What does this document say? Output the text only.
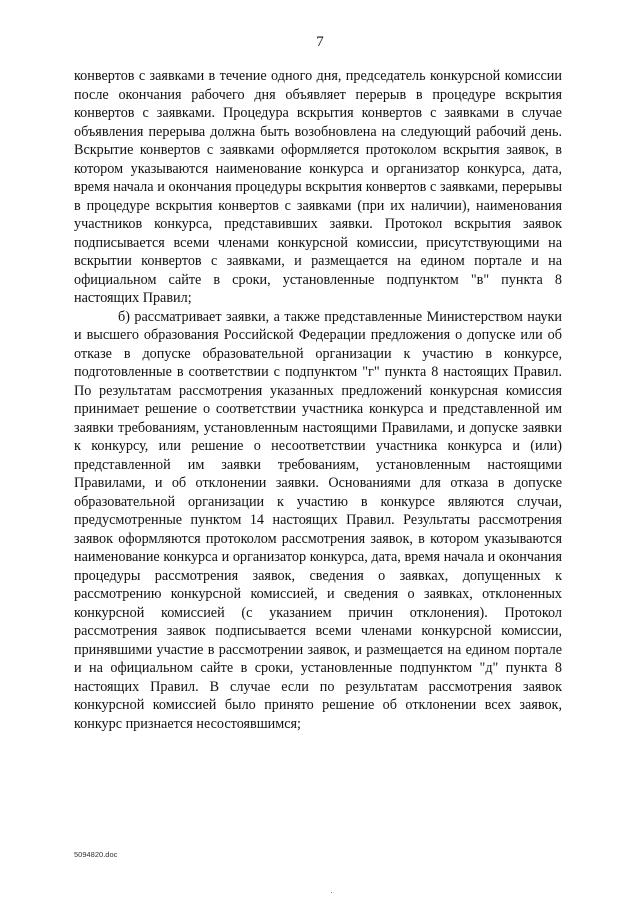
7

конвертов с заявками в течение одного дня, председатель конкурсной комиссии после окончания рабочего дня объявляет перерыв в процедуре вскрытия конвертов с заявками. Процедура вскрытия конвертов с заявками в случае объявления перерыва должна быть возобновлена на следующий рабочий день. Вскрытие конвертов с заявками оформляется протоколом вскрытия заявок, в котором указываются наименование конкурса и организатор конкурса, дата, время начала и окончания процедуры вскрытия конвертов с заявками, перерывы в процедуре вскрытия конвертов с заявками (при их наличии), наименования участников конкурса, представивших заявки. Протокол вскрытия заявок подписывается всеми членами конкурсной комиссии, присутствующими на вскрытии конвертов с заявками, и размещается на едином портале и на официальном сайте в сроки, установленные подпунктом "в" пункта 8 настоящих Правил;

б) рассматривает заявки, а также представленные Министерством науки и высшего образования Российской Федерации предложения о допуске или об отказе в допуске образовательной организации к участию в конкурсе, подготовленные в соответствии с подпунктом "г" пункта 8 настоящих Правил. По результатам рассмотрения указанных предложений конкурсная комиссия принимает решение о соответствии участника конкурса и представленной им заявки требованиям, установленным настоящими Правилами, и допуске заявки к конкурсу, или решение о несоответствии участника конкурса и (или) представленной им заявки требованиям, установленным настоящими Правилами, и об отклонении заявки. Основаниями для отказа в допуске образовательной организации к участию в конкурсе являются случаи, предусмотренные пунктом 14 настоящих Правил. Результаты рассмотрения заявок оформляются протоколом рассмотрения заявок, в котором указываются наименование конкурса и организатор конкурса, дата, время начала и окончания процедуры рассмотрения заявок, сведения о заявках, допущенных к рассмотрению конкурсной комиссией, и сведения о заявках, отклоненных конкурсной комиссией (с указанием причин отклонения). Протокол рассмотрения заявок подписывается всеми членами конкурсной комиссии, принявшими участие в рассмотрении заявок, и размещается на едином портале и на официальном сайте в сроки, установленные подпунктом "д" пункта 8 настоящих Правил. В случае если по результатам рассмотрения заявок конкурсной комиссией было принято решение об отклонении всех заявок, конкурс признается несостоявшимся;

5094820.doc
